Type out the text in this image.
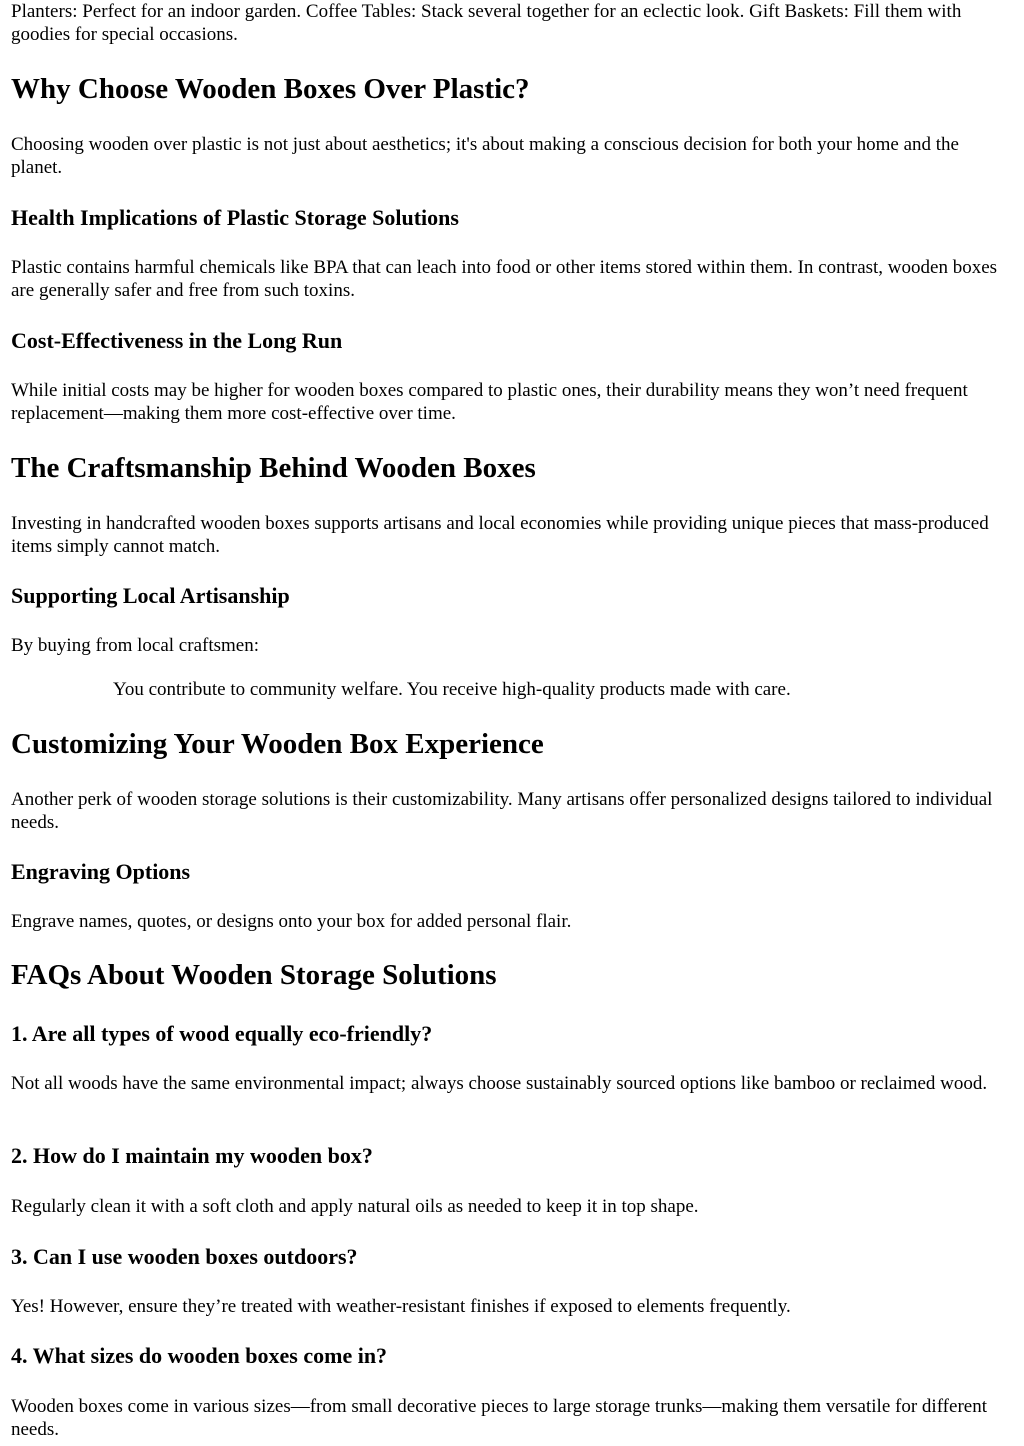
Planters: Perfect for an indoor garden. Coffee Tables: Stack several together for an eclectic look. Gift Baskets: Fill them with goodies for special occasions.

Why Choose Wooden Boxes Over Plastic?

Choosing wooden over plastic is not just about aesthetics; it's about making a conscious decision for both your home and the planet.

Health Implications of Plastic Storage Solutions

Plastic contains harmful chemicals like BPA that can leach into food or other items stored within them. In contrast, wooden boxes are generally safer and free from such toxins.

Cost-Effectiveness in the Long Run

While initial costs may be higher for wooden boxes compared to plastic ones, their durability means they won’t need frequent replacement—making them more cost-effective over time.

The Craftsmanship Behind Wooden Boxes

Investing in handcrafted wooden boxes supports artisans and local economies while providing unique pieces that mass-produced items simply cannot match.

Supporting Local Artisanship

By buying from local craftsmen:

You contribute to community welfare. You receive high-quality products made with care.
Customizing Your Wooden Box Experience

Another perk of wooden storage solutions is their customizability. Many artisans offer personalized designs tailored to individual needs.

Engraving Options

Engrave names, quotes, or designs onto your box for added personal flair.

FAQs About Wooden Storage Solutions
1. Are all types of wood equally eco-friendly?

Not all woods have the same environmental impact; always choose sustainably sourced options like bamboo or reclaimed wood.

2. How do I maintain my wooden box?

Regularly clean it with a soft cloth and apply natural oils as needed to keep it in top shape.

3. Can I use wooden boxes outdoors?

Yes! However, ensure they’re treated with weather-resistant finishes if exposed to elements frequently.

4. What sizes do wooden boxes come in?

Wooden boxes come in various sizes—from small decorative pieces to large storage trunks—making them versatile for different needs.
